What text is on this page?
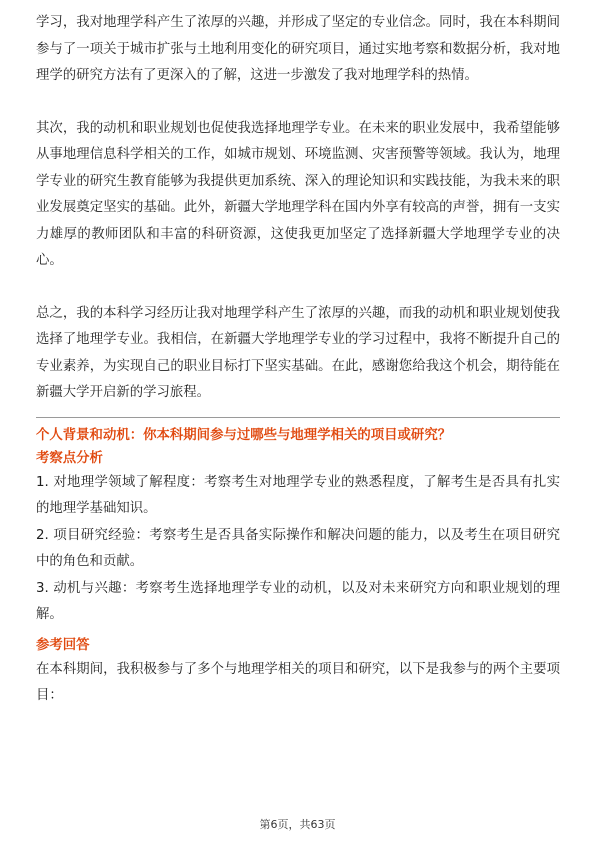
学习，我对地理学科产生了浓厚的兴趣，并形成了坚定的专业信念。同时，我在本科期间参与了一项关于城市扩张与土地利用变化的研究项目，通过实地考察和数据分析，我对地理学的研究方法有了更深入的了解，这进一步激发了我对地理学科的热情。

其次，我的动机和职业规划也促使我选择地理学专业。在未来的职业发展中，我希望能够从事地理信息科学相关的工作，如城市规划、环境监测、灾害预警等领域。我认为，地理学专业的研究生教育能够为我提供更加系统、深入的理论知识和实践技能，为我未来的职业发展奠定坚实的基础。此外，新疆大学地理学科在国内外享有较高的声誉，拥有一支实力雄厚的教师团队和丰富的科研资源，这使我更加坚定了选择新疆大学地理学专业的决心。

总之，我的本科学习经历让我对地理学科产生了浓厚的兴趣，而我的动机和职业规划使我选择了地理学专业。我相信，在新疆大学地理学专业的学习过程中，我将不断提升自己的专业素养，为实现自己的职业目标打下坚实基础。在此，感谢您给我这个机会，期待能在新疆大学开启新的学习旅程。

个人背景和动机：你本科期间参与过哪些与地理学相关的项目或研究？

考察点分析

1. 对地理学领域了解程度：考察考生对地理学专业的熟悉程度，了解考生是否具有扎实的地理学基础知识。
2. 项目研究经验：考察考生是否具备实际操作和解决问题的能力，以及考生在项目研究中的角色和贡献。
3. 动机与兴趣：考察考生选择地理学专业的动机，以及对未来研究方向和职业规划的理解。

参考回答

在本科期间，我积极参与了多个与地理学相关的项目和研究，以下是我参与的两个主要项目：

第6页，共63页
